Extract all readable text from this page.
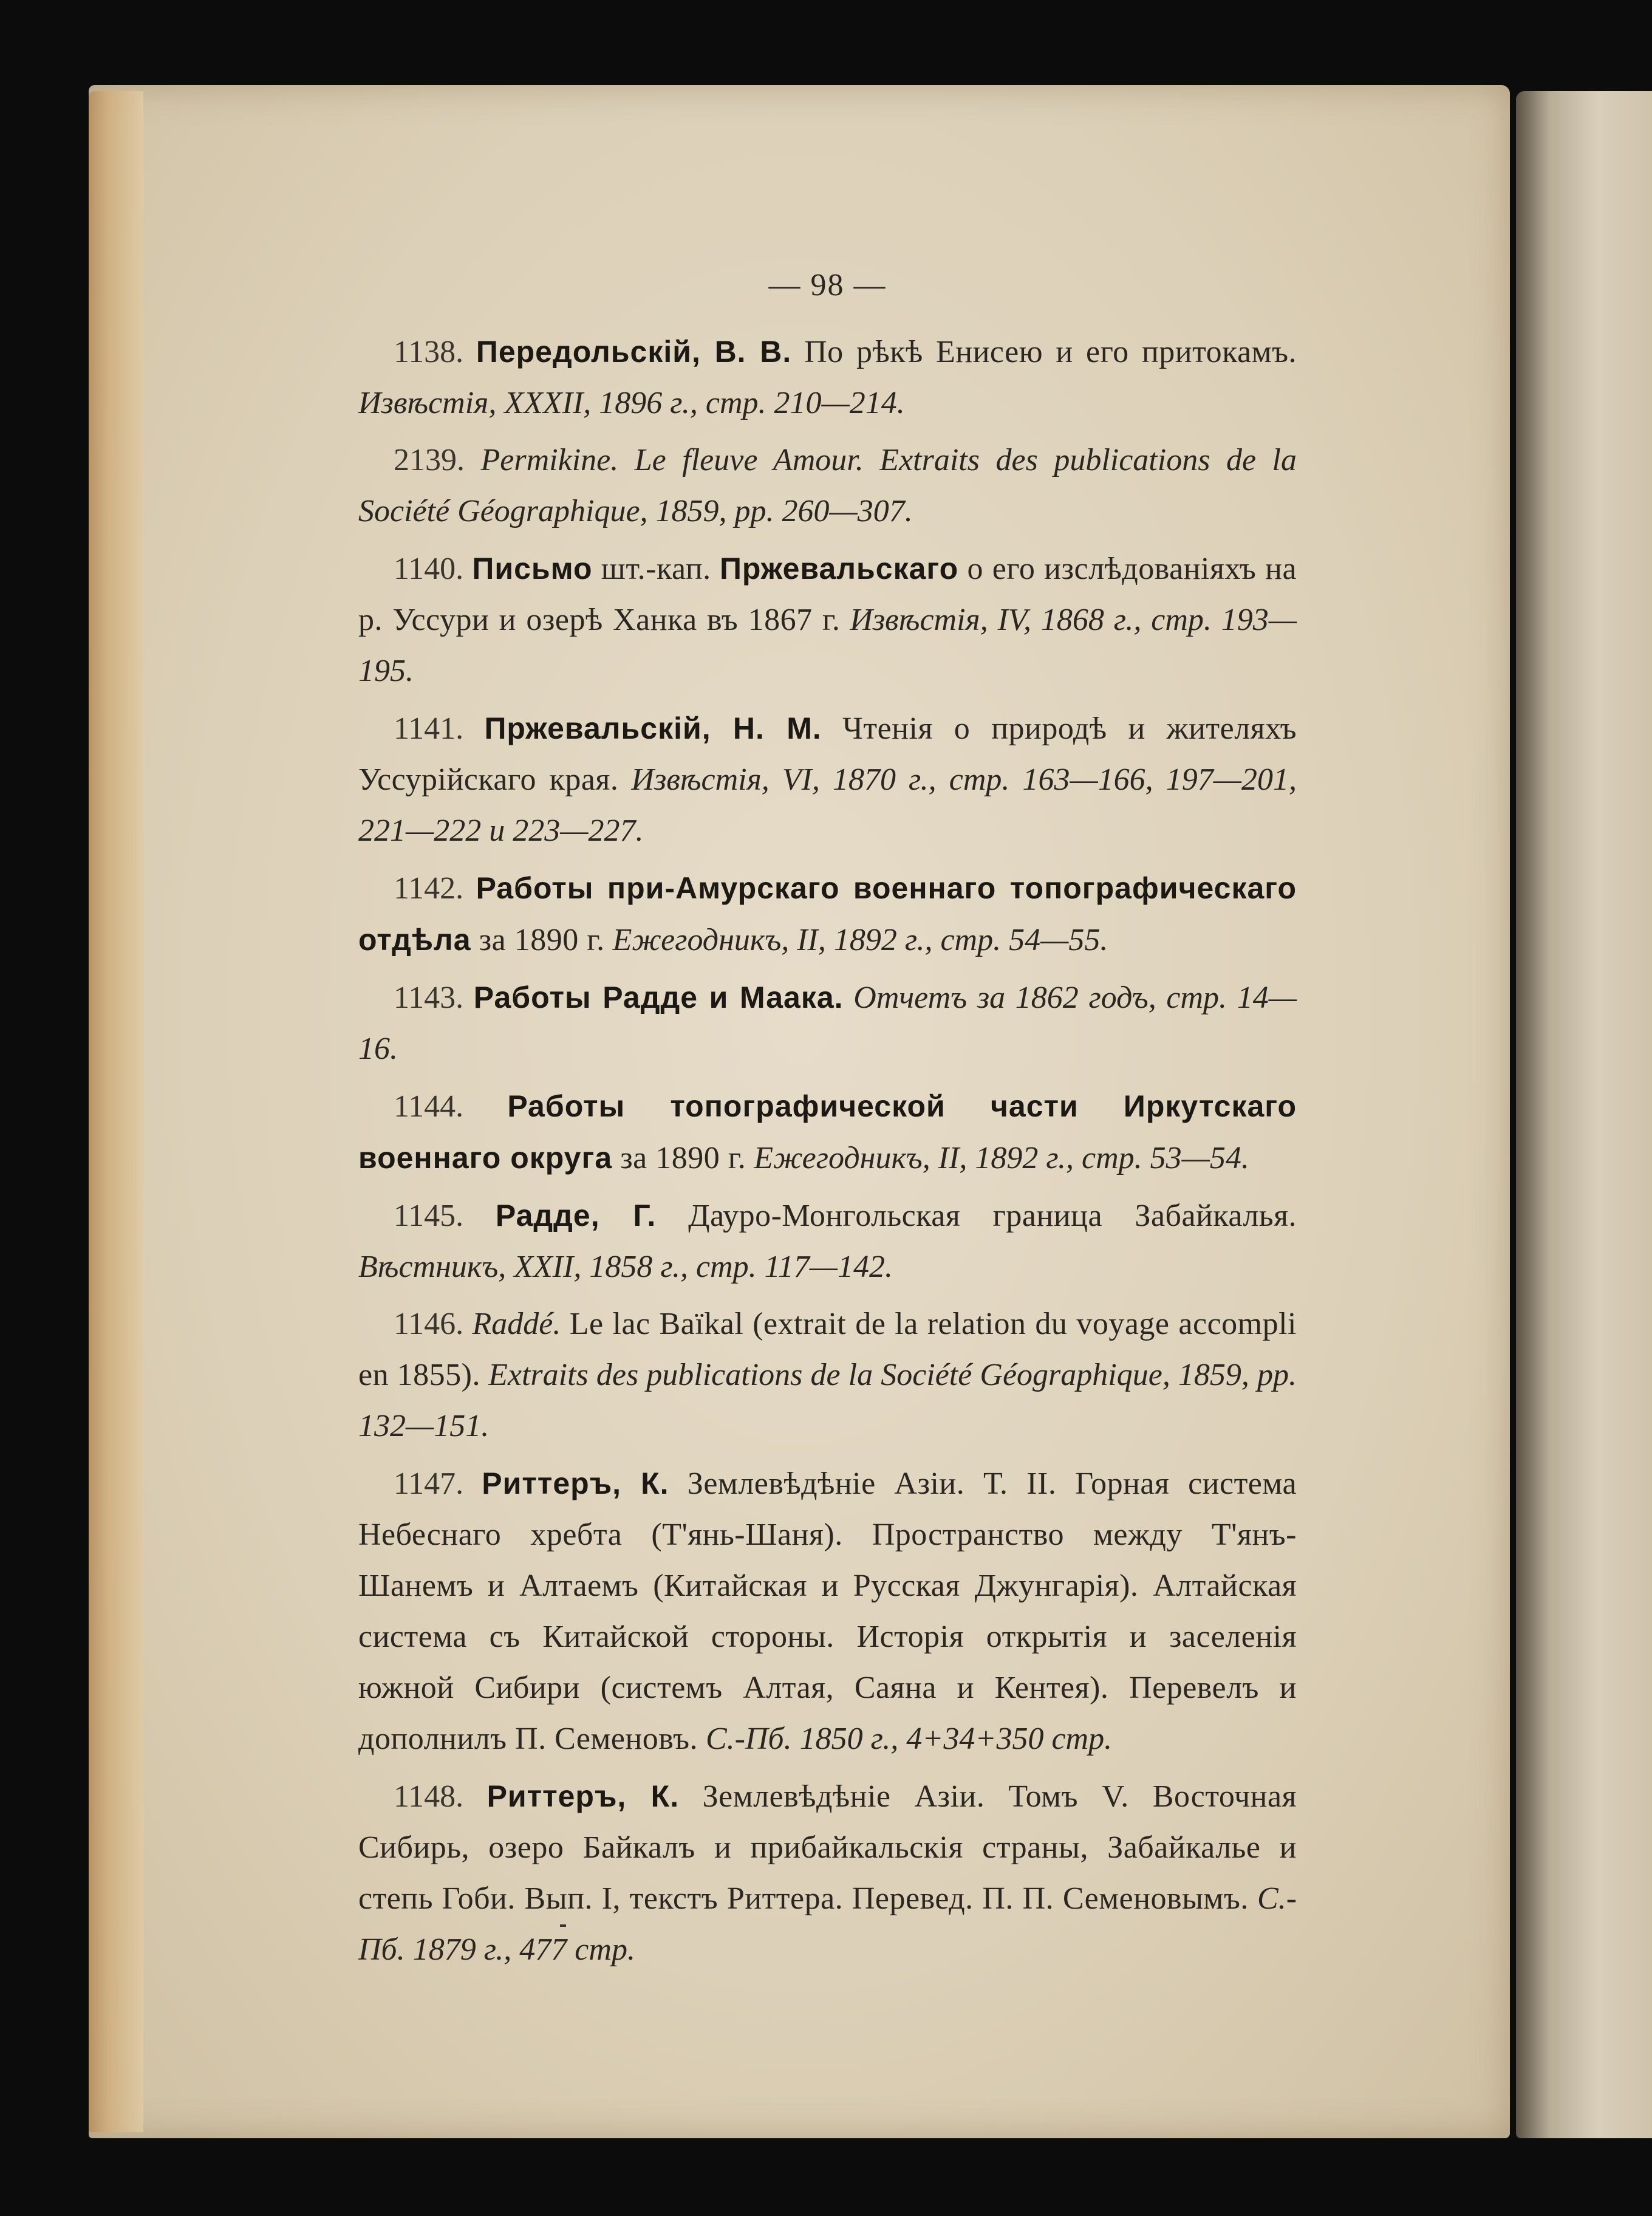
— 98 —

1138. Передольскій, В. В. По рѣкѣ Енисею и его притокамъ. Извѣстія, XXXII, 1896 г., стр. 210—214.

2139. Permikine. Le fleuve Amour. Extraits des publications de la Société Géographique, 1859, pp. 260—307.

1140. Письмо шт.-кап. Пржевальскаго о его изслѣдованіяхъ на р. Уссури и озерѣ Ханка въ 1867 г. Извѣстія, IV, 1868 г., стр. 193—195.

1141. Пржевальскій, Н. М. Чтенія о природѣ и жителяхъ Уссурійскаго края. Извѣстія, VI, 1870 г., стр. 163—166, 197—201, 221—222 и 223—227.

1142. Работы при-Амурскаго военнаго топографическаго отдѣла за 1890 г. Ежегодникъ, II, 1892 г., стр. 54—55.

1143. Работы Радде и Маака. Отчетъ за 1862 годъ, стр. 14—16.

1144. Работы топографической части Иркутскаго военнаго округа за 1890 г. Ежегодникъ, II, 1892 г., стр. 53—54.

1145. Радде, Г. Дауро-Монгольская граница Забайкалья. Вѣстникъ, XXII, 1858 г., стр. 117—142.

1146. Raddé. Le lac Baïkal (extrait de la relation du voyage accompli en 1855). Extraits des publications de la Société Géographique, 1859, pp. 132—151.

1147. Риттеръ, К. Землевѣдѣніе Азіи. Т. II. Горная система Небеснаго хребта (Т'янь-Шаня). Пространство между Т'янъ-Шанемъ и Алтаемъ (Китайская и Русская Джунгарія). Алтайская система съ Китайской стороны. Исторія открытія и заселенія южной Сибири (системъ Алтая, Саяна и Кентея). Перевелъ и дополнилъ П. Семеновъ. С.-Пб. 1850 г., 4+34+350 стр.

1148. Риттеръ, К. Землевѣдѣніе Азіи. Томъ V. Восточная Сибирь, озеро Байкалъ и прибайкальскія страны, Забайкалье и степь Гоби. Вып. I, текстъ Риттера. Перевед. П. П. Семеновымъ. С.-Пб. 1879 г., 477 стр.
